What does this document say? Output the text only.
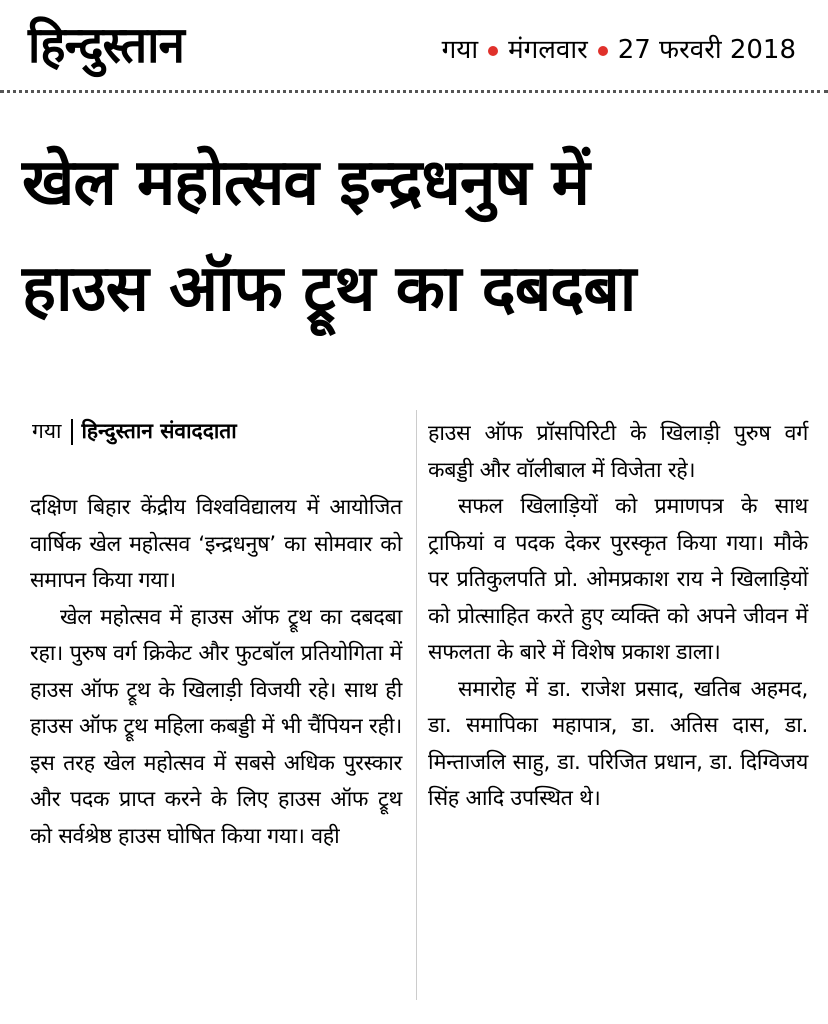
हिन्दुस्तान	गया मंगलवार 27 फरवरी 2018
खेल महोत्सव इन्द्रधनुष में
हाउस ऑफ ट्रूथ का दबदबा
गया हिन्दुस्तान संवाददाता

दक्षिण बिहार केंद्रीय विश्वविद्यालय में आयोजित वार्षिक खेल महोत्सव ‘इन्द्रधनुष’ का सोमवार को समापन किया गया।

खेल महोत्सव में हाउस ऑफ ट्रूथ का दबदबा रहा। पुरुष वर्ग क्रिकेट और फुटबॉल प्रतियोगिता में हाउस ऑफ ट्रूथ के खिलाड़ी विजयी रहे। साथ ही हाउस ऑफ ट्रूथ महिला कबड्डी में भी चैंपियन रही। इस तरह खेल महोत्सव में सबसे अधिक पुरस्कार और पदक प्राप्त करने के लिए हाउस ऑफ ट्रूथ को सर्वश्रेष्ठ हाउस घोषित किया गया। वही

हाउस ऑफ प्रॉसपिरिटी के खिलाड़ी पुरुष वर्ग कबड्डी और वॉलीबाल में विजेता रहे।

सफल खिलाड़ियों को प्रमाणपत्र के साथ ट्राफियां व पदक देकर पुरस्कृत किया गया। मौके पर प्रतिकुलपति प्रो. ओमप्रकाश राय ने खिलाड़ियों को प्रोत्साहित करते हुए व्यक्ति को अपने जीवन में सफलता के बारे में विशेष प्रकाश डाला।

समारोह में डा. राजेश प्रसाद, खतिब अहमद, डा. समापिका महापात्र, डा. अतिस दास, डा. मिन्ताजलि साहु, डा. परिजित प्रधान, डा. दिग्विजय सिंह आदि उपस्थित थे।
